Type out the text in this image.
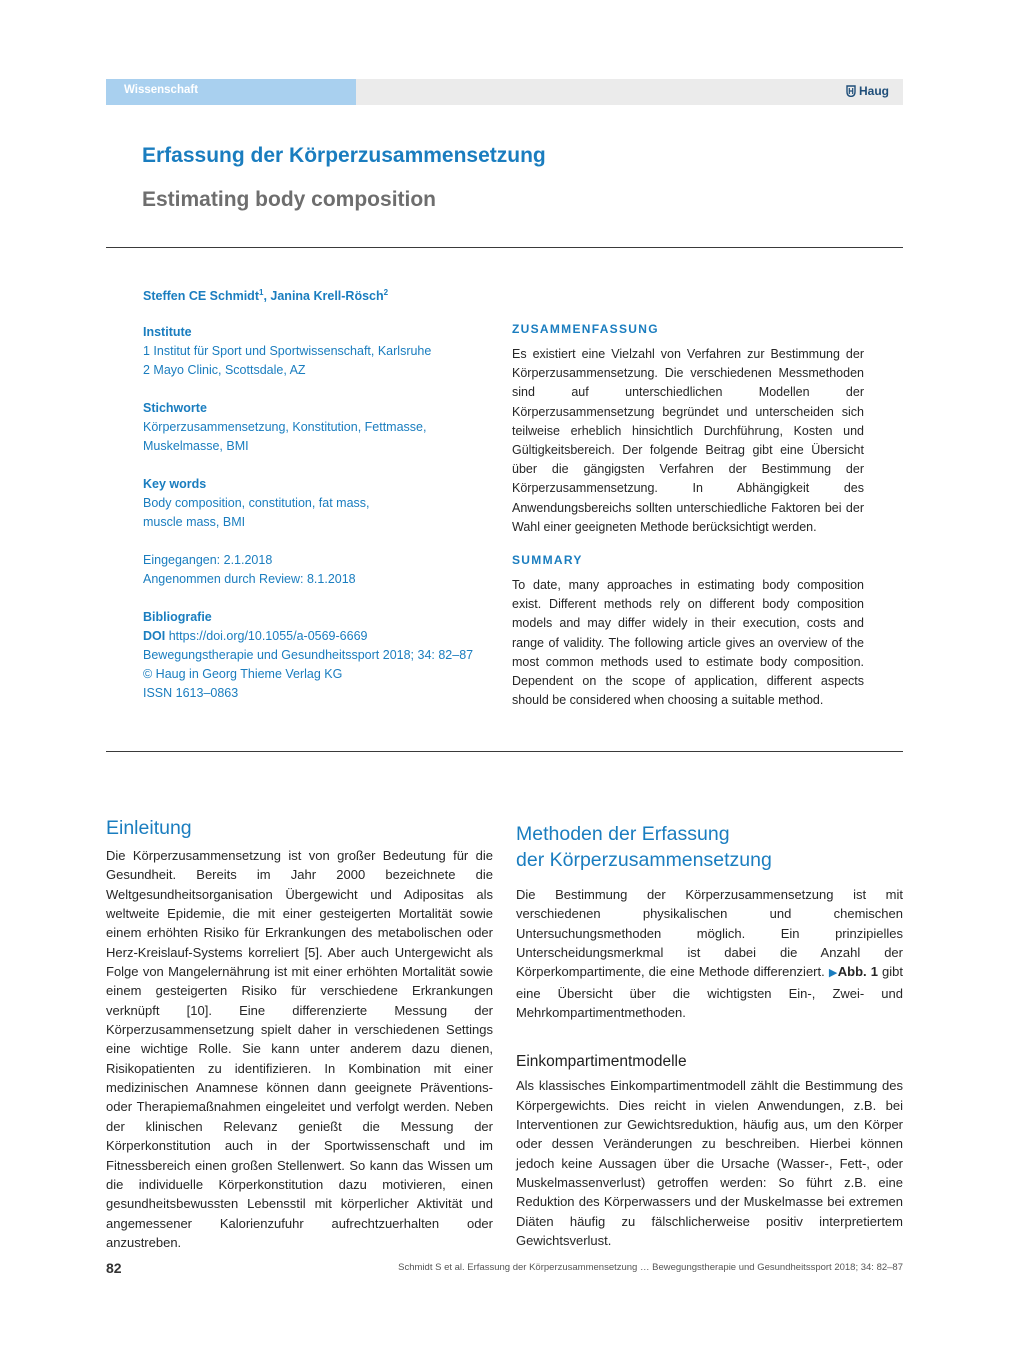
Wissenschaft	Haug
Erfassung der Körperzusammensetzung
Estimating body composition
Steffen CE Schmidt$^1$, Janina Krell-Rösch$^2$
Institute
1 Institut für Sport und Sportwissenschaft, Karlsruhe
2 Mayo Clinic, Scottsdale, AZ
Stichworte
Körperzusammensetzung, Konstitution, Fettmasse,
Muskelmasse, BMI
Key words
Body composition, constitution, fat mass,
muscle mass, BMI
Eingegangen: 2.1.2018
Angenommen durch Review: 8.1.2018
Bibliografie
DOI https://doi.org/10.1055/a-0569-6669
Bewegungstherapie und Gesundheitssport 2018; 34: 82–87
© Haug in Georg Thieme Verlag KG
ISSN 1613–0863
ZUSAMMENFASSUNG

Es existiert eine Vielzahl von Verfahren zur Bestimmung der Körperzusammensetzung. Die verschiedenen Messmethoden sind auf unterschiedlichen Modellen der Körperzusammensetzung begründet und unterscheiden sich teilweise erheblich hinsichtlich Durchführung, Kosten und Gültigkeitsbereich. Der folgende Beitrag gibt eine Übersicht über die gängigsten Verfahren der Bestimmung der Körperzusammensetzung. In Abhängigkeit des Anwendungsbereichs sollten unterschiedliche Faktoren bei der Wahl einer geeigneten Methode berücksichtigt werden.

SUMMARY

To date, many approaches in estimating body composition exist. Different methods rely on different body composition models and may differ widely in their execution, costs and range of validity. The following article gives an overview of the most common methods used to estimate body composition. Dependent on the scope of application, different aspects should be considered when choosing a suitable method.

Einleitung

Die Körperzusammensetzung ist von großer Bedeutung für die Gesundheit. Bereits im Jahr 2000 bezeichnete die Weltgesundheitsorganisation Übergewicht und Adipositas als weltweite Epidemie, die mit einer gesteigerten Mortalität sowie einem erhöhten Risiko für Erkrankungen des metabolischen oder Herz-Kreislauf-Systems korreliert [5]. Aber auch Untergewicht als Folge von Mangelernährung ist mit einer erhöhten Mortalität sowie einem gesteigerten Risiko für verschiedene Erkrankungen verknüpft [10]. Eine differenzierte Messung der Körperzusammensetzung spielt daher in verschiedenen Settings eine wichtige Rolle. Sie kann unter anderem dazu dienen, Risikopatienten zu identifizieren. In Kombination mit einer medizinischen Anamnese können dann geeignete Präventions- oder Therapiemaßnahmen eingeleitet und verfolgt werden. Neben der klinischen Relevanz genießt die Messung der Körperkonstitution auch in der Sportwissenschaft und im Fitnessbereich einen großen Stellenwert. So kann das Wissen um die individuelle Körperkonstitution dazu motivieren, einen gesundheitsbewussten Lebensstil mit körperlicher Aktivität und angemessener Kalorienzufuhr aufrechtzuerhalten oder anzustreben.

Methoden der Erfassung
der Körperzusammensetzung

Die Bestimmung der Körperzusammensetzung ist mit verschiedenen physikalischen und chemischen Untersuchungsmethoden möglich. Ein prinzipielles Unterscheidungsmerkmal ist dabei die Anzahl der Körperkompartimente, die eine Methode differenziert. ▶Abb. 1 gibt eine Übersicht über die wichtigsten Ein-, Zwei- und Mehrkompartimentmethoden.

Einkompartimentmodelle

Als klassisches Einkompartimentmodell zählt die Bestimmung des Körpergewichts. Dies reicht in vielen Anwendungen, z.B. bei Interventionen zur Gewichtsreduktion, häufig aus, um den Körper oder dessen Veränderungen zu beschreiben. Hierbei können jedoch keine Aussagen über die Ursache (Wasser-, Fett-, oder Muskelmassenverlust) getroffen werden: So führt z.B. eine Reduktion des Körperwassers und der Muskelmasse bei extremen Diäten häufig zu fälschlicherweise positiv interpretiertem Gewichtsverlust.

82	Schmidt S et al. Erfassung der Körperzusammensetzung … Bewegungstherapie und Gesundheitssport 2018; 34: 82–87
